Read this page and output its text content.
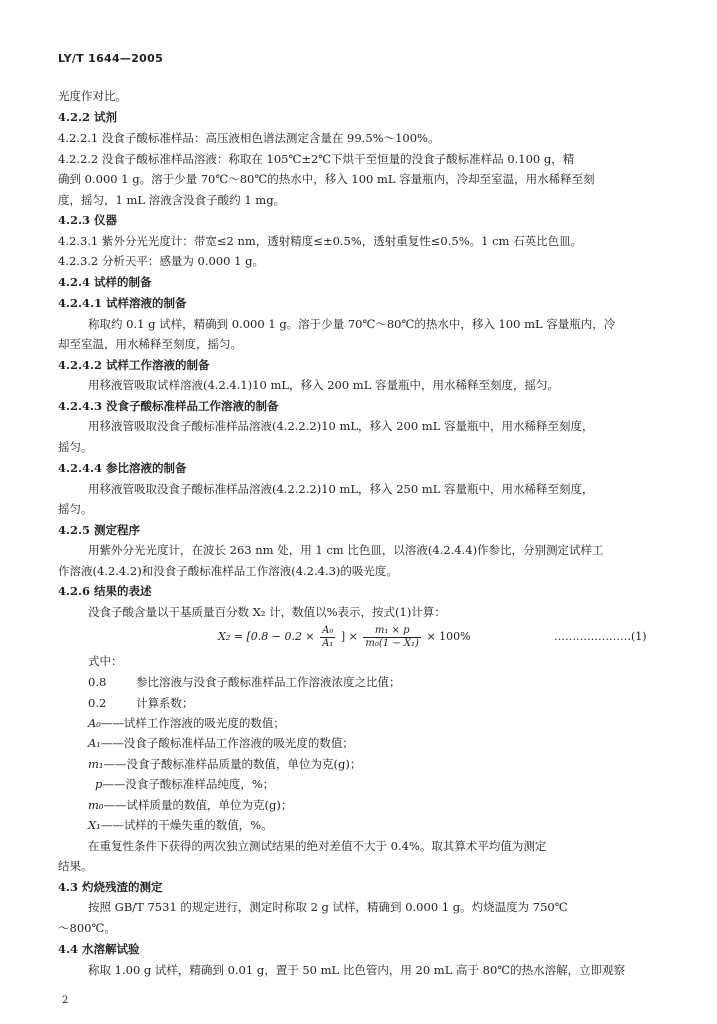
LY/T 1644—2005
光度作对比。
4.2.2 试剂
4.2.2.1 没食子酸标准样品：高压液相色谱法测定含量在 99.5%～100%。
4.2.2.2 没食子酸标准样品溶液：称取在 105℃±2℃下烘干至恒量的没食子酸标准样品 0.100 g，精
确到 0.000 1 g。溶于少量 70℃～80℃的热水中，移入 100 mL 容量瓶内，冷却至室温，用水稀释至刻
度，摇匀，1 mL 溶液含没食子酸约 1 mg。
4.2.3 仪器
4.2.3.1 紫外分光光度计：带宽≤2 nm，透射精度≤±0.5%，透射重复性≤0.5%。1 cm 石英比色皿。
4.2.3.2 分析天平：感量为 0.000 1 g。
4.2.4 试样的制备
4.2.4.1 试样溶液的制备
称取约 0.1 g 试样，精确到 0.000 1 g。溶于少量 70℃～80℃的热水中，移入 100 mL 容量瓶内，冷
却至室温，用水稀释至刻度，摇匀。
4.2.4.2 试样工作溶液的制备
用移液管吸取试样溶液(4.2.4.1)10 mL，移入 200 mL 容量瓶中，用水稀释至刻度，摇匀。
4.2.4.3 没食子酸标准样品工作溶液的制备
用移液管吸取没食子酸标准样品溶液(4.2.2.2)10 mL，移入 200 mL 容量瓶中，用水稀释至刻度，
摇匀。
4.2.4.4 参比溶液的制备
用移液管吸取没食子酸标准样品溶液(4.2.2.2)10 mL，移入 250 mL 容量瓶中，用水稀释至刻度，
摇匀。
4.2.5 测定程序
用紫外分光光度计，在波长 263 nm 处，用 1 cm 比色皿，以溶液(4.2.4.4)作参比，分别测定试样工
作溶液(4.2.4.2)和没食子酸标准样品工作溶液(4.2.4.3)的吸光度。
4.2.6 结果的表述
没食子酸含量以干基质量百分数 X₂ 计，数值以%表示，按式(1)计算：
$X_2 = [0.8 - 0.2 \times \frac{\text{A₀}}{\text{A₁}}$ ] × $\frac{\text{m₁ × p}}{\text{m₀(1 − X₁)}} \times 100\%$	…………………(1)
式中：
0.8	参比溶液与没食子酸标准样品工作溶液浓度之比值；
0.2	计算系数；
A₀——试样工作溶液的吸光度的数值；
A₁——没食子酸标准样品工作溶液的吸光度的数值；
m₁——没食子酸标准样品质量的数值，单位为克(g)；
p——没食子酸标准样品纯度，%；
m₀——试样质量的数值，单位为克(g)；
X₁——试样的干燥失重的数值，%。
在重复性条件下获得的两次独立测试结果的绝对差值不大于 0.4%。取其算术平均值为测定
结果。
4.3 灼烧残渣的测定
按照 GB/T 7531 的规定进行，测定时称取 2 g 试样，精确到 0.000 1 g。灼烧温度为 750℃
～800℃。
4.4 水溶解试验
称取 1.00 g 试样，精确到 0.01 g，置于 50 mL 比色管内，用 20 mL 高于 80℃的热水溶解，立即观察
2
